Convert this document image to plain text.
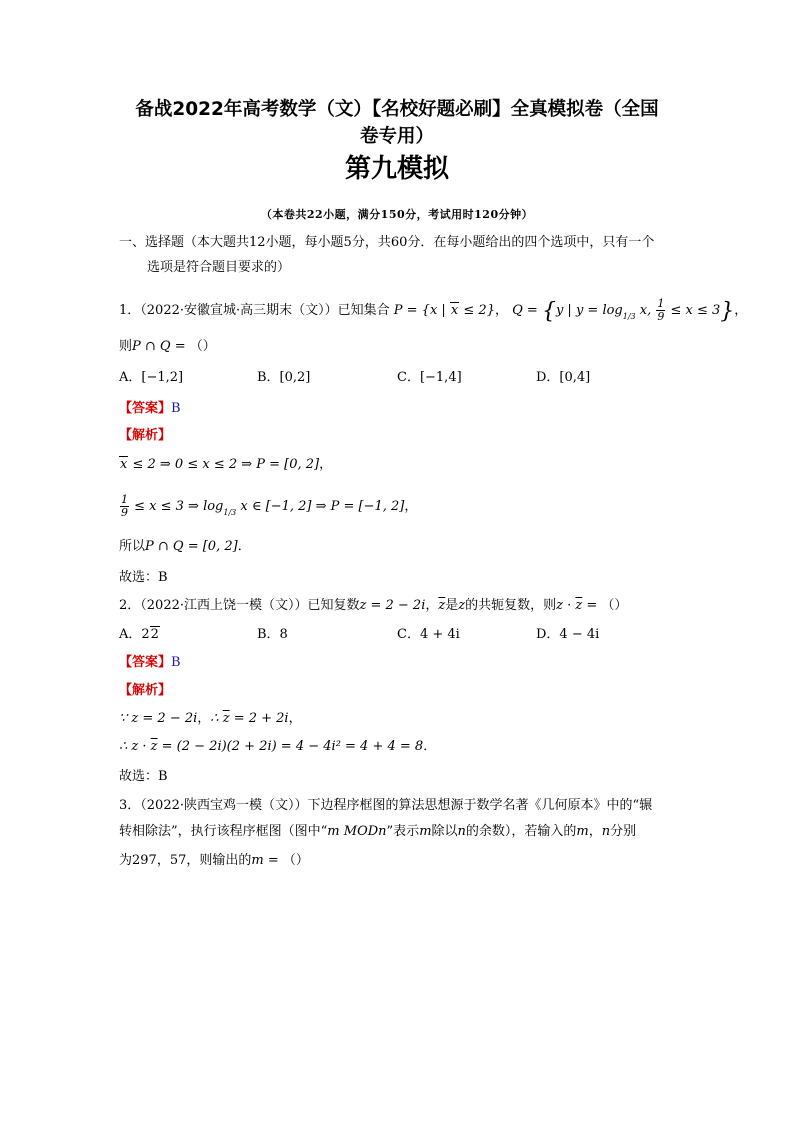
备战2022年高考数学（文）【名校好题必刷】全真模拟卷（全国
卷专用）
第九模拟
（本卷共22小题，满分150分，考试用时120分钟）
一、选择题（本大题共12小题，每小题5分，共60分．在每小题给出的四个选项中，只有一个
选项是符合题目要求的）
1．（2022·安徽宣城·高三期末（文））已知集合 P = {x | x ≤ 2}， Q = {y | $y = \log_{1/3} x$, $\frac{1}{9} \le x \le 3$}，
则P ∩ Q = （）
A．[−1,2]	B．[0,2]	C．[−1,4]	D．[0,4]
【答案】B
【解析】
x ≤ 2 ⇒ 0 ≤ x ≤ 2 ⇒ P = [0, 2]，
$\frac{1}{9} \le x \le 3$ ⇒ $\log_{1/3} x$ ∈ [−1, 2] ⇒ P = [−1, 2]，
所以P ∩ Q = [0, 2]．
故选：B
2．（2022·江西上饶一模（文））已知复数z = 2 − 2i，$\overline{z}$是z的共轭复数，则$z \cdot \overline{z}$ = （）
A．22	B．8	C．4 + 4i	D．4 − 4i
【答案】B
【解析】
∵ z = 2 − 2i，∴ $\overline{z} = 2 + 2i$，
∴ $z \cdot \overline{z} = (2 - 2i)(2 + 2i) = 4 - 4i^2 = 4 + 4 = 8$．
故选：B
3．（2022·陕西宝鸡一模（文））下边程序框图的算法思想源于数学名著《几何原本》中的“辗
转相除法”，执行该程序框图（图中“m MODn”表示m除以n的余数），若输入的m，n分别
为297，57，则输出的m = （）
